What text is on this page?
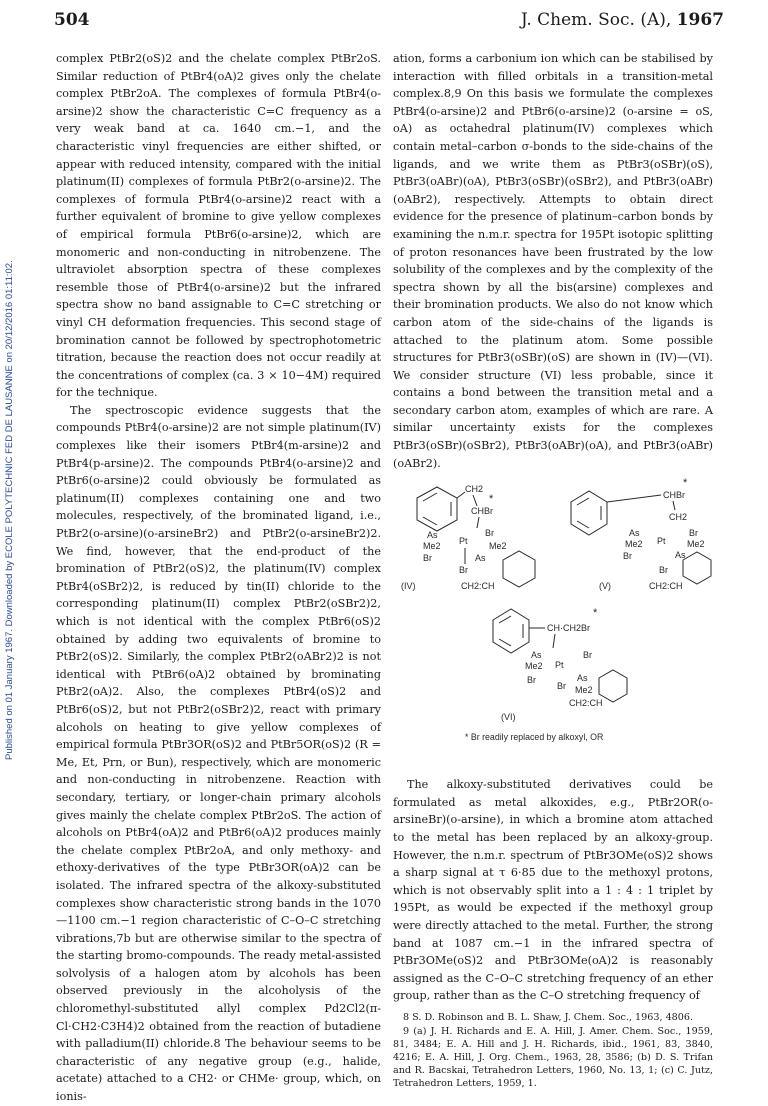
504	J. Chem. Soc. (A), 1967
Published on 01 January 1967. Downloaded by ECOLE POLYTECHNIC FED DE LAUSANNE on 20/12/2016 01:11:02.

complex PtBr2(oS)2 and the chelate complex PtBr2oS. Similar reduction of PtBr4(oA)2 gives only the chelate complex PtBr2oA. The complexes of formula PtBr4(o-arsine)2 show the characteristic C=C frequency as a very weak band at ca. 1640 cm.−1, and the characteristic vinyl frequencies are either shifted, or appear with reduced intensity, compared with the initial platinum(II) complexes of formula PtBr2(o-arsine)2. The complexes of formula PtBr4(o-arsine)2 react with a further equivalent of bromine to give yellow complexes of empirical formula PtBr6(o-arsine)2, which are monomeric and non-conducting in nitrobenzene. The ultraviolet absorption spectra of these complexes resemble those of PtBr4(o-arsine)2 but the infrared spectra show no band assignable to C=C stretching or vinyl CH deformation frequencies. This second stage of bromination cannot be followed by spectrophotometric titration, because the reaction does not occur readily at the concentrations of complex (ca. 3 × 10−4M) required for the technique.

The spectroscopic evidence suggests that the compounds PtBr4(o-arsine)2 are not simple platinum(IV) complexes like their isomers PtBr4(m-arsine)2 and PtBr4(p-arsine)2. The compounds PtBr4(o-arsine)2 and PtBr6(o-arsine)2 could obviously be formulated as platinum(II) complexes containing one and two molecules, respectively, of the brominated ligand, i.e., PtBr2(o-arsine)(o-arsineBr2) and PtBr2(o-arsineBr2)2. We find, however, that the end-product of the bromination of PtBr2(oS)2, the platinum(IV) complex PtBr4(oSBr2)2, is reduced by tin(II) chloride to the corresponding platinum(II) complex PtBr2(oSBr2)2, which is not identical with the complex PtBr6(oS)2 obtained by adding two equivalents of bromine to PtBr2(oS)2. Similarly, the complex PtBr2(oABr2)2 is not identical with PtBr6(oA)2 obtained by brominating PtBr2(oA)2. Also, the complexes PtBr4(oS)2 and PtBr6(oS)2, but not PtBr2(oSBr2)2, react with primary alcohols on heating to give yellow complexes of empirical formula PtBr3OR(oS)2 and PtBr5OR(oS)2 (R = Me, Et, Prn, or Bun), respectively, which are monomeric and non-conducting in nitrobenzene. Reaction with secondary, tertiary, or longer-chain primary alcohols gives mainly the chelate complex PtBr2oS. The action of alcohols on PtBr4(oA)2 and PtBr6(oA)2 produces mainly the chelate complex PtBr2oA, and only methoxy- and ethoxy-derivatives of the type PtBr3OR(oA)2 can be isolated. The infrared spectra of the alkoxy-substituted complexes show characteristic strong bands in the 1070—1100 cm.−1 region characteristic of C–O–C stretching vibrations,7b but are otherwise similar to the spectra of the starting bromo-compounds. The ready metal-assisted solvolysis of a halogen atom by alcohols has been observed previously in the alcoholysis of the chloromethyl-substituted allyl complex Pd2Cl2(π-Cl·CH2·C3H4)2 obtained from the reaction of butadiene with palladium(II) chloride.8 The behaviour seems to be characteristic of any negative group (e.g., halide, acetate) attached to a CH2· or CHMe· group, which, on ionis-

ation, forms a carbonium ion which can be stabilised by interaction with filled orbitals in a transition-metal complex.8,9 On this basis we formulate the complexes PtBr4(o-arsine)2 and PtBr6(o-arsine)2 (o-arsine = oS, oA) as octahedral platinum(IV) complexes which contain metal–carbon σ-bonds to the side-chains of the ligands, and we write them as PtBr3(oSBr)(oS), PtBr3(oABr)(oA), PtBr3(oSBr)(oSBr2), and PtBr3(oABr)(oABr2), respectively. Attempts to obtain direct evidence for the presence of platinum–carbon bonds by examining the n.m.r. spectra for 195Pt isotopic splitting of proton resonances have been frustrated by the low solubility of the complexes and by the complexity of the spectra shown by all the bis(arsine) complexes and their bromination products. We also do not know which carbon atom of the side-chains of the ligands is attached to the platinum atom. Some possible structures for PtBr3(oSBr)(oS) are shown in (IV)—(VI). We consider structure (VI) less probable, since it contains a bond between the transition metal and a secondary carbon atom, examples of which are rare. A similar uncertainty exists for the complexes PtBr3(oSBr)(oSBr2), PtBr3(oABr)(oA), and PtBr3(oABr)(oABr2).

CH2
*
CHBr
As
Me2 Pt
Br
Me2
As
Br
Br
CH2:CH
(IV)
*
CHBr
CH2
As
Me2 Pt
Br
Me2
As
Br
Br
CH2:CH
(V)
*
CH·CH2Br
As
Me2 Pt
Br
As
Br
Br Me2
CH2:CH
(VI)
* Br readily replaced by alkoxyl, OR

The alkoxy-substituted derivatives could be formulated as metal alkoxides, e.g., PtBr2OR(o-arsineBr)(o-arsine), in which a bromine atom attached to the metal has been replaced by an alkoxy-group. However, the n.m.r. spectrum of PtBr3OMe(oS)2 shows a sharp signal at τ 6·85 due to the methoxyl protons, which is not observably split into a 1 : 4 : 1 triplet by 195Pt, as would be expected if the methoxyl group were directly attached to the metal. Further, the strong band at 1087 cm.−1 in the infrared spectra of PtBr3OMe(oS)2 and PtBr3OMe(oA)2 is reasonably assigned as the C–O–C stretching frequency of an ether group, rather than as the C–O stretching frequency of

8 S. D. Robinson and B. L. Shaw, J. Chem. Soc., 1963, 4806.

9 (a) J. H. Richards and E. A. Hill, J. Amer. Chem. Soc., 1959, 81, 3484; E. A. Hill and J. H. Richards, ibid., 1961, 83, 3840, 4216; E. A. Hill, J. Org. Chem., 1963, 28, 3586; (b) D. S. Trifan and R. Bacskai, Tetrahedron Letters, 1960, No. 13, 1; (c) C. Jutz, Tetrahedron Letters, 1959, 1.
